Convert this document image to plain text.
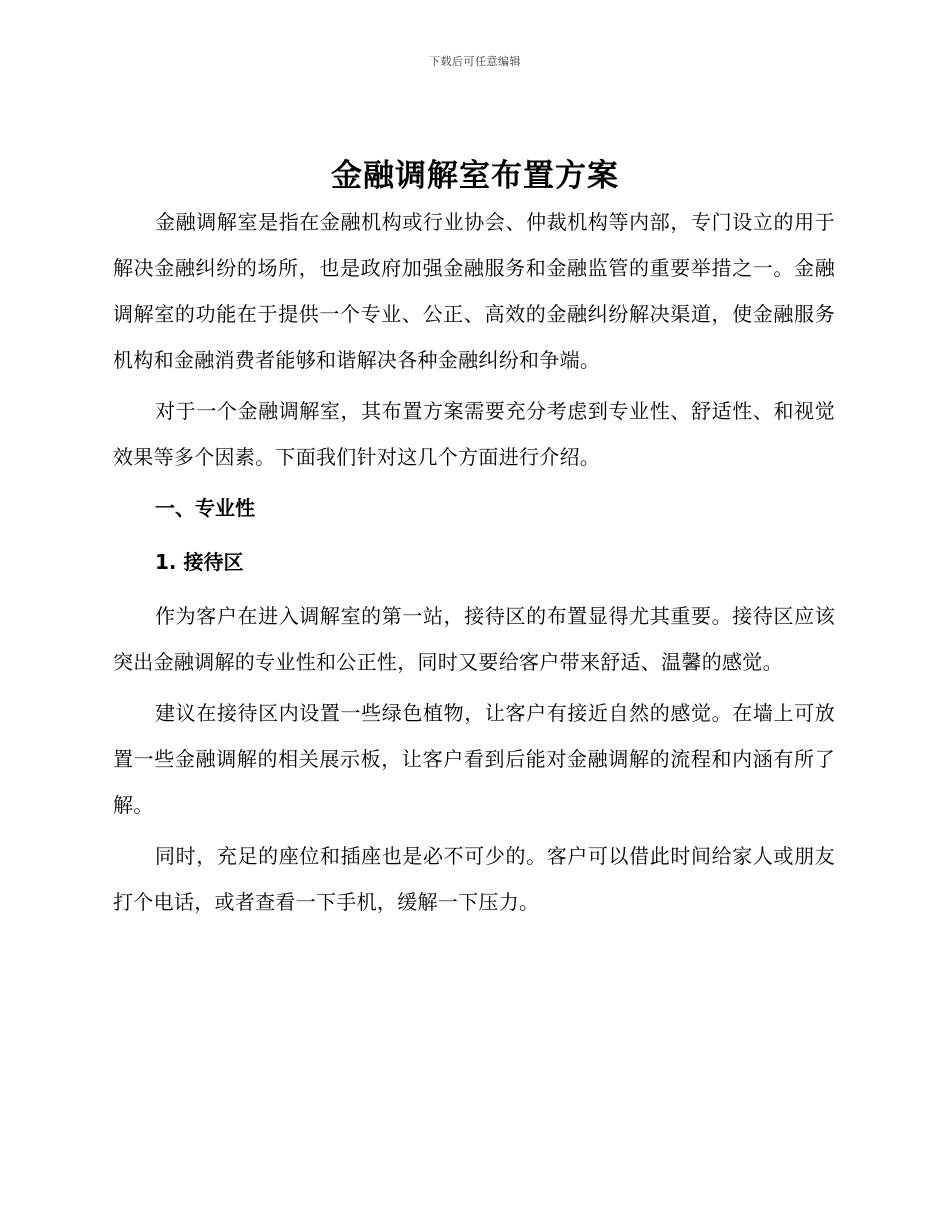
下载后可任意编辑
金融调解室布置方案

金融调解室是指在金融机构或行业协会、仲裁机构等内部，专门设立的用于解决金融纠纷的场所，也是政府加强金融服务和金融监管的重要举措之一。金融调解室的功能在于提供一个专业、公正、高效的金融纠纷解决渠道，使金融服务机构和金融消费者能够和谐解决各种金融纠纷和争端。

对于一个金融调解室，其布置方案需要充分考虑到专业性、舒适性、和视觉效果等多个因素。下面我们针对这几个方面进行介绍。

一、专业性
1. 接待区

作为客户在进入调解室的第一站，接待区的布置显得尤其重要。接待区应该突出金融调解的专业性和公正性，同时又要给客户带来舒适、温馨的感觉。

建议在接待区内设置一些绿色植物，让客户有接近自然的感觉。在墙上可放置一些金融调解的相关展示板，让客户看到后能对金融调解的流程和内涵有所了解。

同时，充足的座位和插座也是必不可少的。客户可以借此时间给家人或朋友打个电话，或者查看一下手机，缓解一下压力。
